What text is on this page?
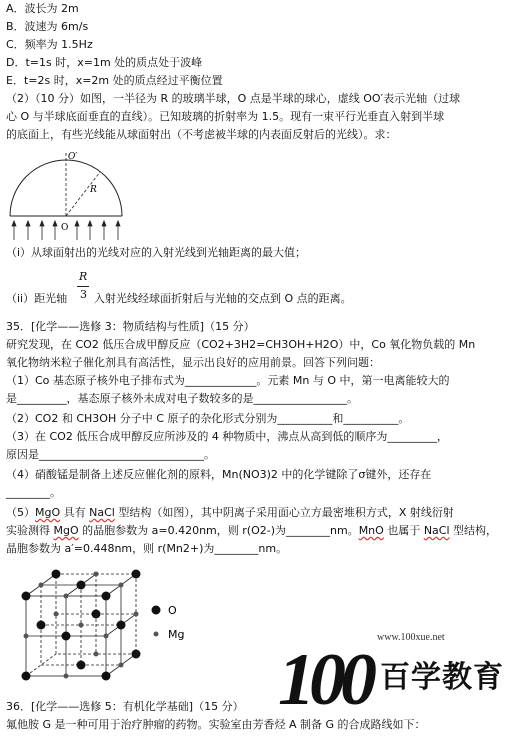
A．波长为 2m
B．波速为 6m/s
C．频率为 1.5Hz
D．t=1s 时，x=1m 处的质点处于波峰
E．t=2s 时，x=2m 处的质点经过平衡位置
（2）（10 分）如图，一半径为 R 的玻璃半球，O 点是半球的球心，虚线 OO′表示光轴（过球
心 O 与半球底面垂直的直线）。已知玻璃的折射率为 1.5。现有一束平行光垂直入射到半球
的底面上，有些光线能从球面射出（不考虑被半球的内表面反射后的光线）。求：
O′
R
O
（i）从球面射出的光线对应的入射光线到光轴距离的最大值；
（ii）距光轴
R
3 入射光线经球面折射后与光轴的交点到 O 点的距离。
35．[化学——选修 3：物质结构与性质]（15 分）
研究发现，在 CO2 低压合成甲醇反应（CO2+3H2=CH3OH+H2O）中，Co 氧化物负载的 Mn
氧化物纳米粒子催化剂具有高活性，显示出良好的应用前景。回答下列问题：
（1）Co 基态原子核外电子排布式为_____________。元素 Mn 与 O 中，第一电离能较大的
是_________，基态原子核外未成对电子数较多的是_________________。
（2）CO2 和 CH3OH 分子中 C 原子的杂化形式分别为__________和__________。
（3）在 CO2 低压合成甲醇反应所涉及的 4 种物质中，沸点从高到低的顺序为_________，
原因是______________________________。
（4）硝酸锰是制备上述反应催化剂的原料，Mn(NO3)2 中的化学键除了σ键外，还存在
________。
（5）MgO 具有 NaCl 型结构（如图），其中阴离子采用面心立方最密堆积方式，X 射线衍射
实验测得 MgO 的晶胞参数为 a=0.420nm，则 r(O2-)为________nm。MnO 也属于 NaCl 型结构，
晶胞参数为 a′=0.448nm，则 r(Mn2+)为________nm。
O
Mg	www.100xue.net
100 百学教育
36．[化学——选修 5：有机化学基础]（15 分）
氟他胺 G 是一种可用于治疗肿瘤的药物。实验室由芳香烃 A 制备 G 的合成路线如下：
